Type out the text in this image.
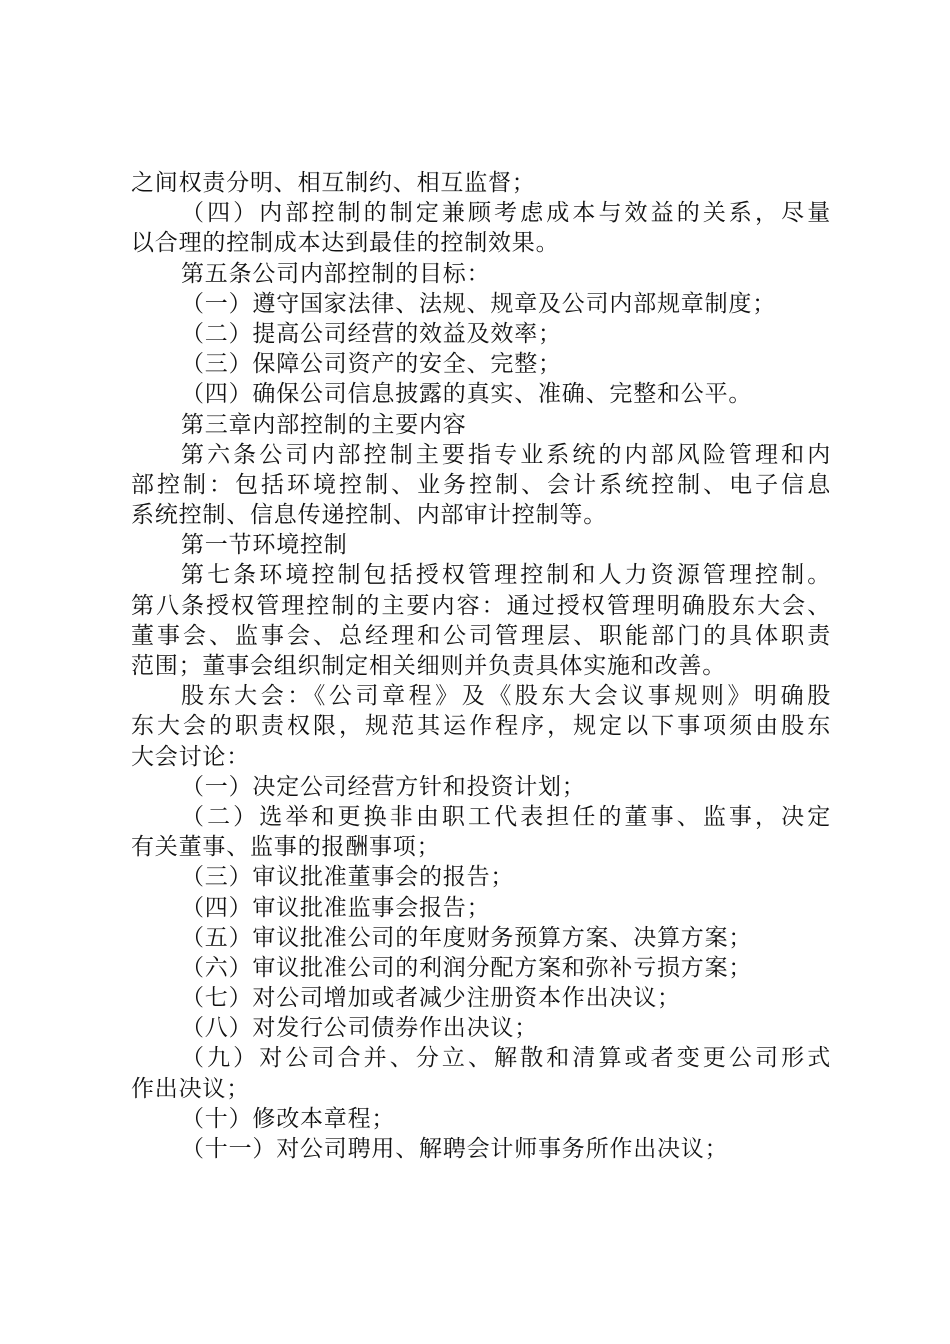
之间权责分明、相互制约、相互监督；
（四）内部控制的制定兼顾考虑成本与效益的关系，尽量
以合理的控制成本达到最佳的控制效果。
第五条公司内部控制的目标：
（一）遵守国家法律、法规、规章及公司内部规章制度；
（二）提高公司经营的效益及效率；
（三）保障公司资产的安全、完整；
（四）确保公司信息披露的真实、准确、完整和公平。
第三章内部控制的主要内容
第六条公司内部控制主要指专业系统的内部风险管理和内
部控制：包括环境控制、业务控制、会计系统控制、电子信息
系统控制、信息传递控制、内部审计控制等。
第一节环境控制
第七条环境控制包括授权管理控制和人力资源管理控制。
第八条授权管理控制的主要内容：通过授权管理明确股东大会、
董事会、监事会、总经理和公司管理层、职能部门的具体职责
范围；董事会组织制定相关细则并负责具体实施和改善。
股东大会：《公司章程》及《股东大会议事规则》明确股
东大会的职责权限，规范其运作程序，规定以下事项须由股东
大会讨论：
（一）决定公司经营方针和投资计划；
（二）选举和更换非由职工代表担任的董事、监事，决定
有关董事、监事的报酬事项；
（三）审议批准董事会的报告；
（四）审议批准监事会报告；
（五）审议批准公司的年度财务预算方案、决算方案；
（六）审议批准公司的利润分配方案和弥补亏损方案；
（七）对公司增加或者减少注册资本作出决议；
（八）对发行公司债券作出决议；
（九）对公司合并、分立、解散和清算或者变更公司形式
作出决议；
（十）修改本章程；
（十一）对公司聘用、解聘会计师事务所作出决议；
